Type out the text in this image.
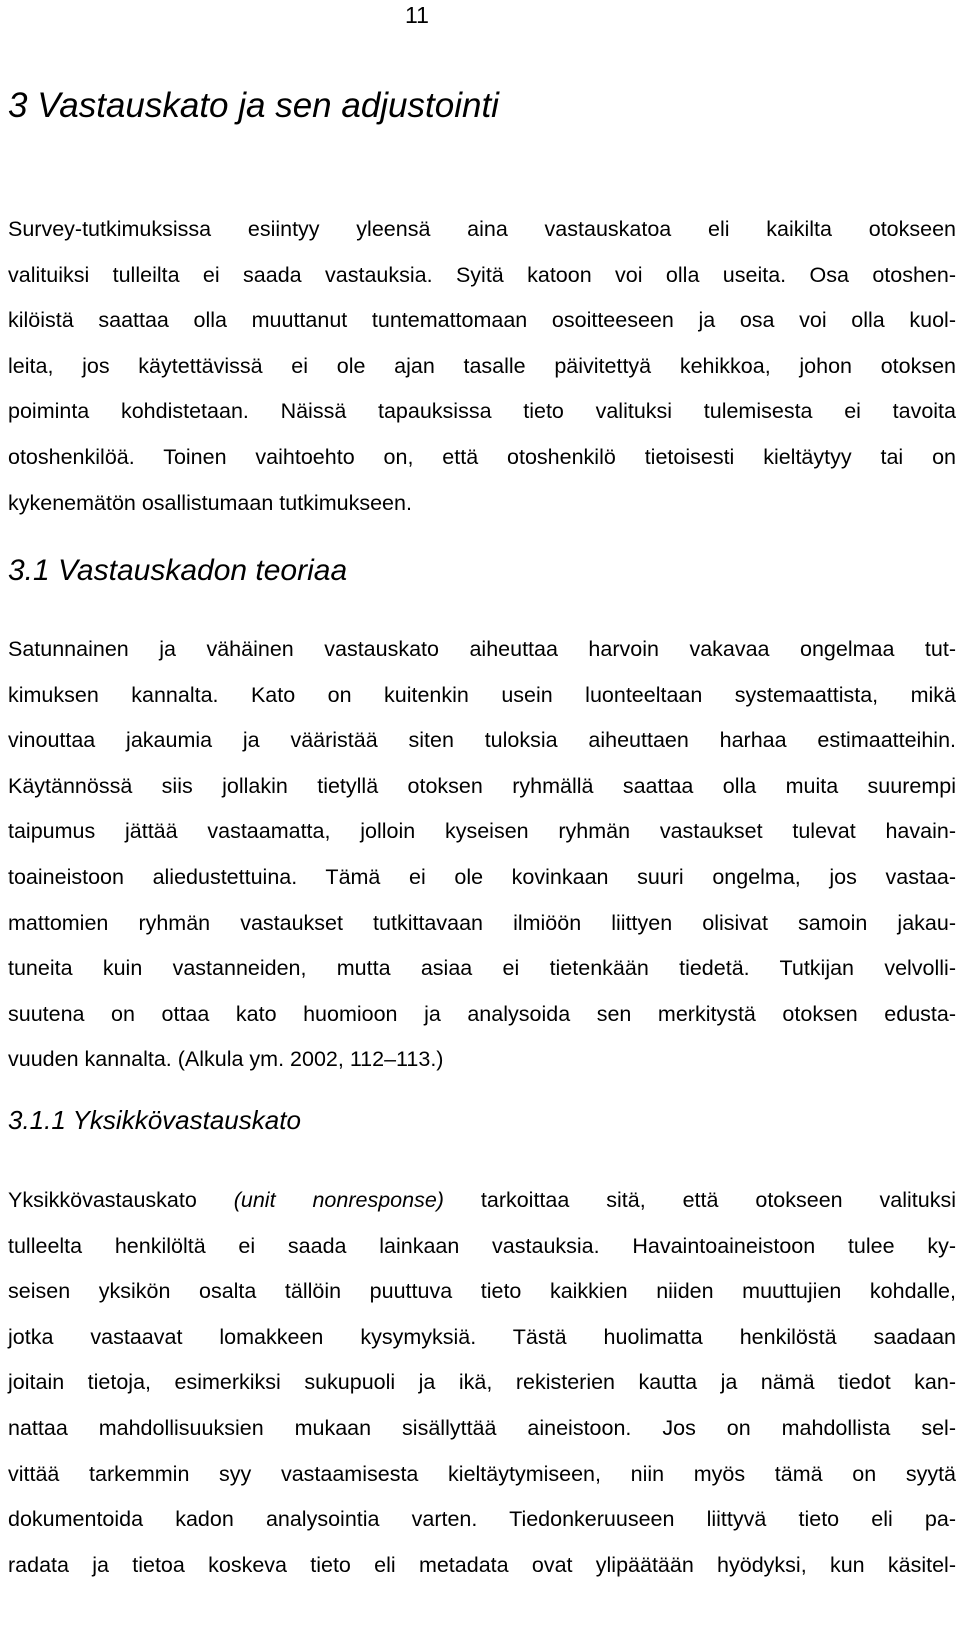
11
3 Vastauskato ja sen adjustointi
Survey-tutkimuksissa esiintyy yleensä aina vastauskatoa eli kaikilta otokseen
valituiksi tulleilta ei saada vastauksia. Syitä katoon voi olla useita. Osa otoshen-
kilöistä saattaa olla muuttanut tuntemattomaan osoitteeseen ja osa voi olla kuol-
leita, jos käytettävissä ei ole ajan tasalle päivitettyä kehikkoa, johon otoksen
poiminta kohdistetaan. Näissä tapauksissa tieto valituksi tulemisesta ei tavoita
otoshenkilöä. Toinen vaihtoehto on, että otoshenkilö tietoisesti kieltäytyy tai on
kykenemätön osallistumaan tutkimukseen.
3.1 Vastauskadon teoriaa
Satunnainen ja vähäinen vastauskato aiheuttaa harvoin vakavaa ongelmaa tut-
kimuksen kannalta. Kato on kuitenkin usein luonteeltaan systemaattista, mikä
vinouttaa jakaumia ja vääristää siten tuloksia aiheuttaen harhaa estimaatteihin.
Käytännössä siis jollakin tietyllä otoksen ryhmällä saattaa olla muita suurempi
taipumus jättää vastaamatta, jolloin kyseisen ryhmän vastaukset tulevat havain-
toaineistoon aliedustettuina. Tämä ei ole kovinkaan suuri ongelma, jos vastaa-
mattomien ryhmän vastaukset tutkittavaan ilmiöön liittyen olisivat samoin jakau-
tuneita kuin vastanneiden, mutta asiaa ei tietenkään tiedetä. Tutkijan velvolli-
suutena on ottaa kato huomioon ja analysoida sen merkitystä otoksen edusta-
vuuden kannalta. (Alkula ym. 2002, 112–113.)
3.1.1 Yksikkövastauskato
Yksikkövastauskato (unit nonresponse) tarkoittaa sitä, että otokseen valituksi
tulleelta henkilöltä ei saada lainkaan vastauksia. Havaintoaineistoon tulee ky-
seisen yksikön osalta tällöin puuttuva tieto kaikkien niiden muuttujien kohdalle,
jotka vastaavat lomakkeen kysymyksiä. Tästä huolimatta henkilöstä saadaan
joitain tietoja, esimerkiksi sukupuoli ja ikä, rekisterien kautta ja nämä tiedot kan-
nattaa mahdollisuuksien mukaan sisällyttää aineistoon. Jos on mahdollista sel-
vittää tarkemmin syy vastaamisesta kieltäytymiseen, niin myös tämä on syytä
dokumentoida kadon analysointia varten. Tiedonkeruuseen liittyvä tieto eli pa-
radata ja tietoa koskeva tieto eli metadata ovat ylipäätään hyödyksi, kun käsitel-
